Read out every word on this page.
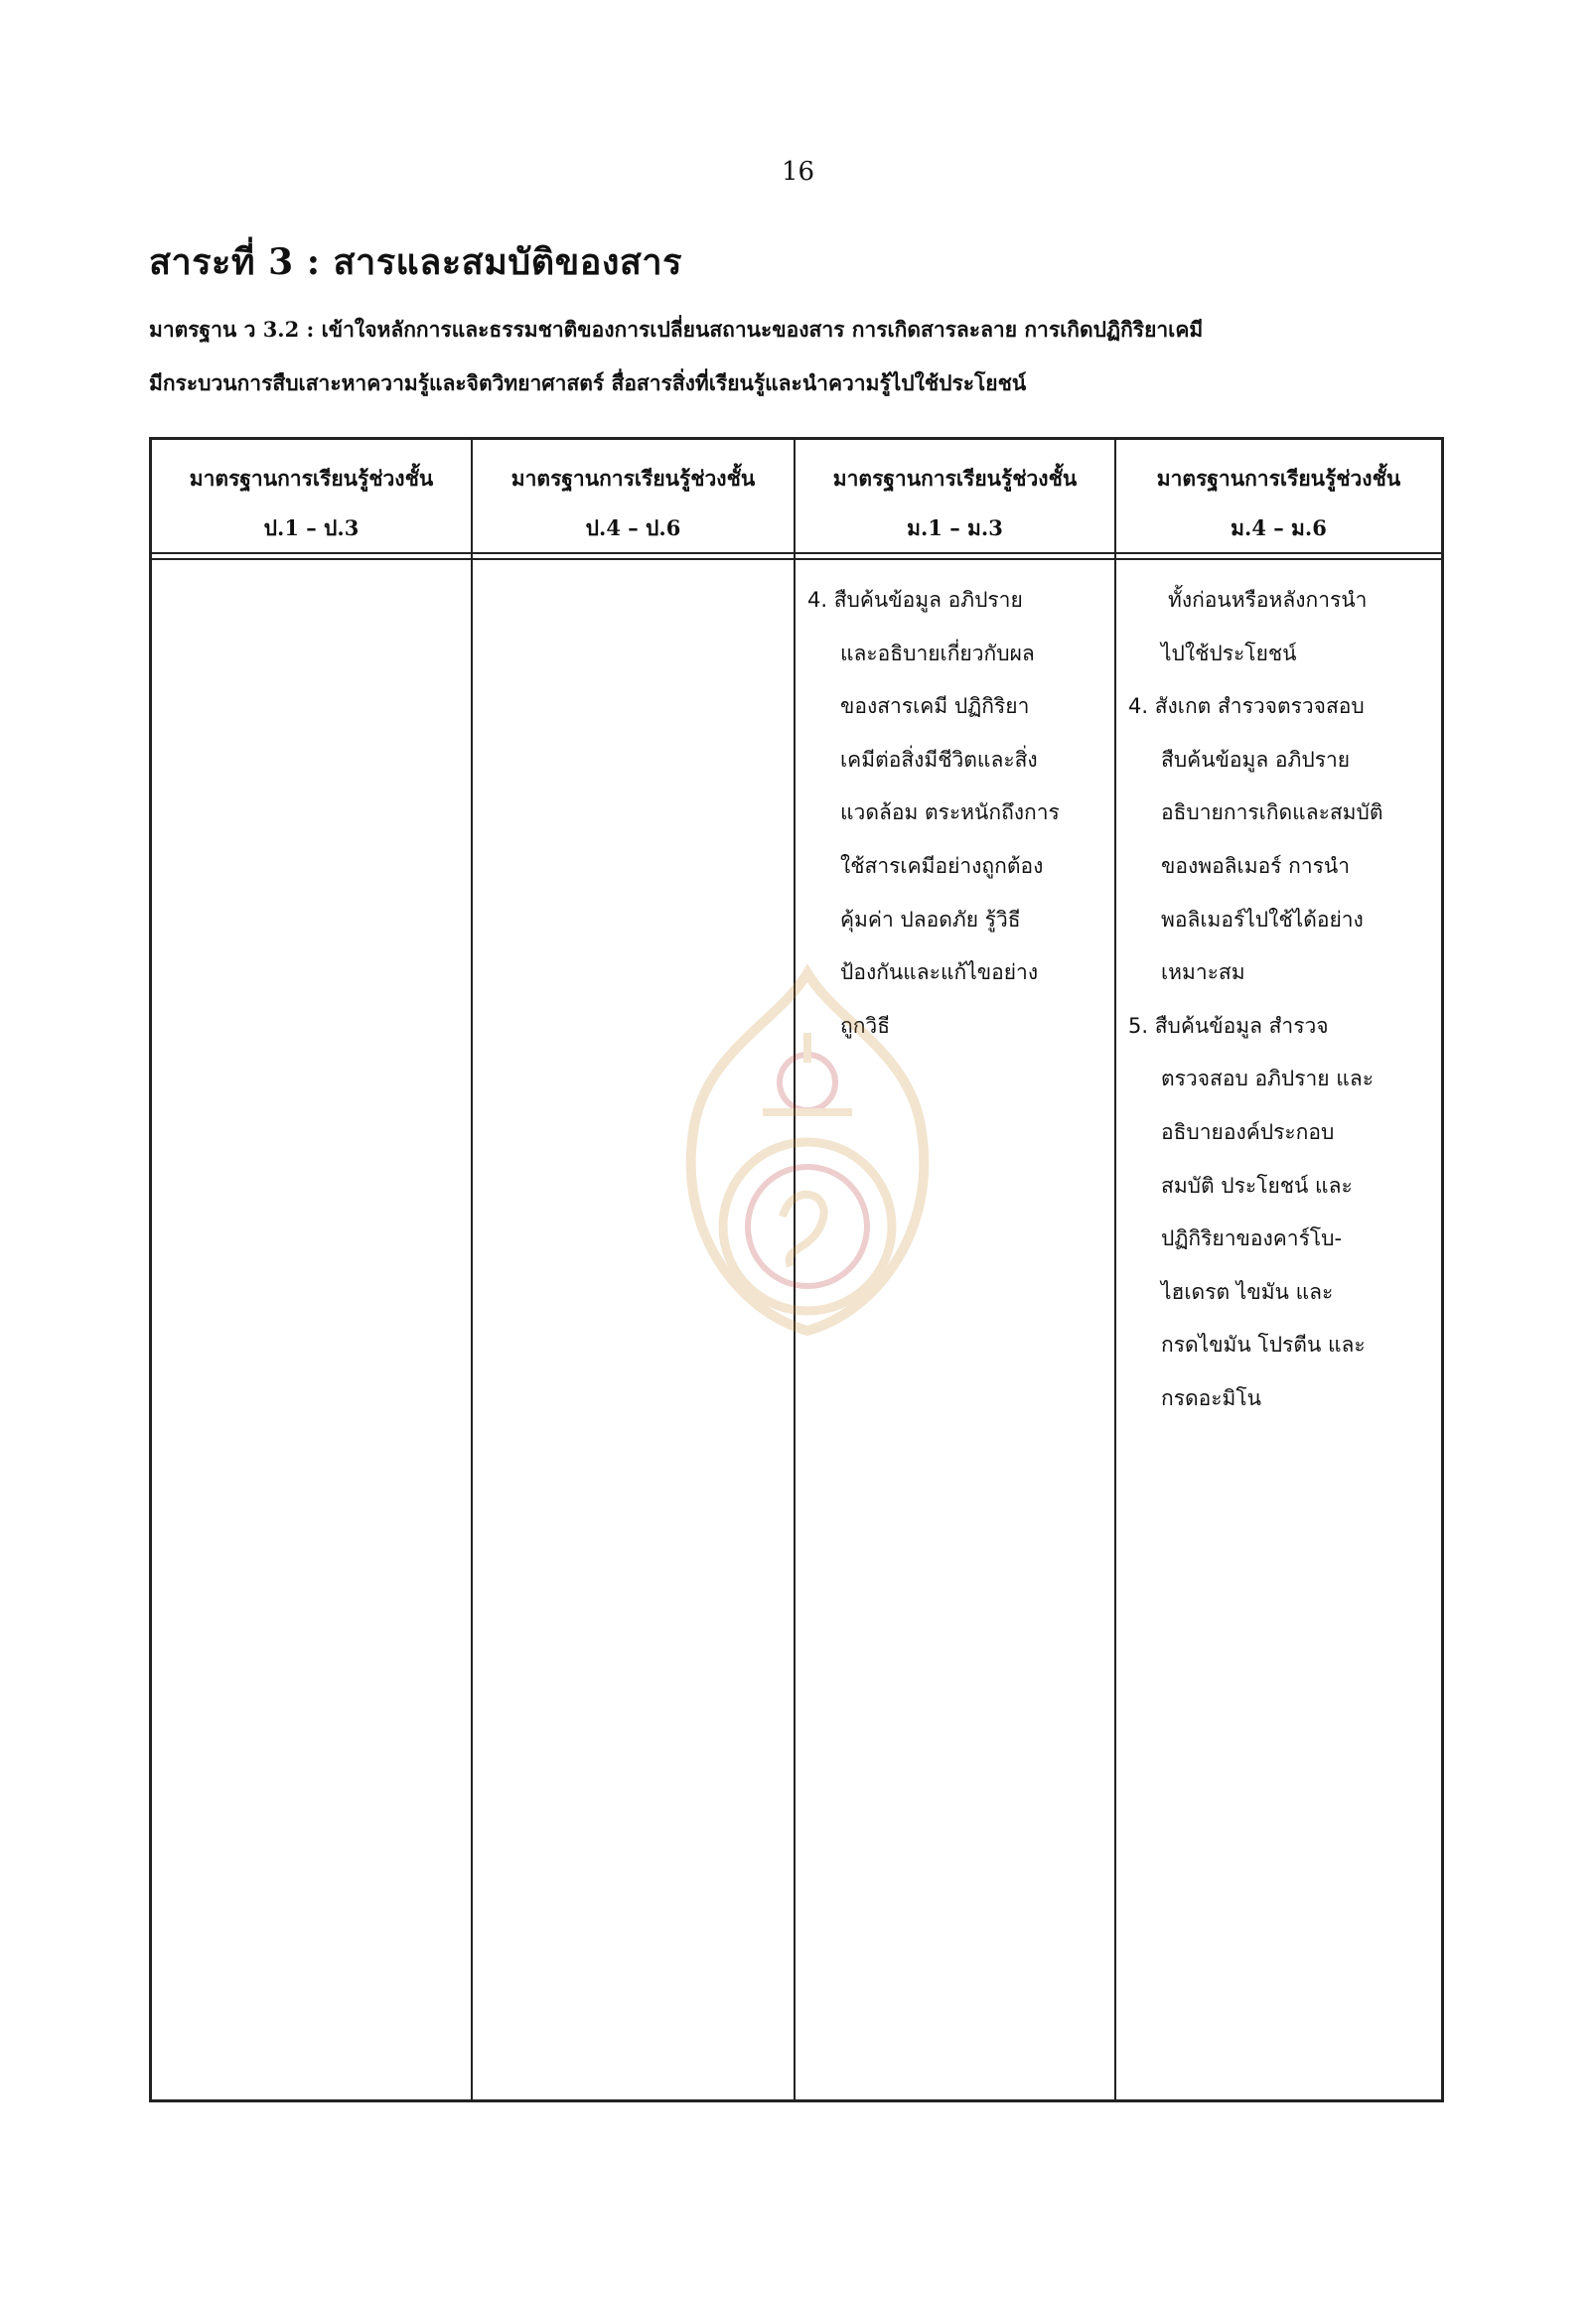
16
สาระที่ 3 : สารและสมบัติของสาร
มาตรฐาน ว 3.2 : เข้าใจหลักการและธรรมชาติของการเปลี่ยนสถานะของสาร การเกิดสารละลาย การเกิดปฏิกิริยาเคมี
มีกระบวนการสืบเสาะหาความรู้และจิตวิทยาศาสตร์ สื่อสารสิ่งที่เรียนรู้และนำความรู้ไปใช้ประโยชน์
มาตรฐานการเรียนรู้ช่วงชั้น
ป.1 – ป.3
มาตรฐานการเรียนรู้ช่วงชั้น
ป.4 – ป.6
มาตรฐานการเรียนรู้ช่วงชั้น
ม.1 – ม.3
มาตรฐานการเรียนรู้ช่วงชั้น
ม.4 – ม.6
4. สืบค้นข้อมูล อภิปราย
และอธิบายเกี่ยวกับผล
ของสารเคมี ปฏิกิริยา
เคมีต่อสิ่งมีชีวิตและสิ่ง
แวดล้อม ตระหนักถึงการ
ใช้สารเคมีอย่างถูกต้อง
คุ้มค่า ปลอดภัย รู้วิธี
ป้องกันและแก้ไขอย่าง
ถูกวิธี
ทั้งก่อนหรือหลังการนำ
ไปใช้ประโยชน์
4. สังเกต สำรวจตรวจสอบ
สืบค้นข้อมูล อภิปราย
อธิบายการเกิดและสมบัติ
ของพอลิเมอร์ การนำ
พอลิเมอร์ไปใช้ได้อย่าง
เหมาะสม
5. สืบค้นข้อมูล สำรวจ
ตรวจสอบ อภิปราย และ
อธิบายองค์ประกอบ
สมบัติ ประโยชน์ และ
ปฏิกิริยาของคาร์โบ-
ไฮเดรต ไขมัน และ
กรดไขมัน โปรตีน และ
กรดอะมิโน
